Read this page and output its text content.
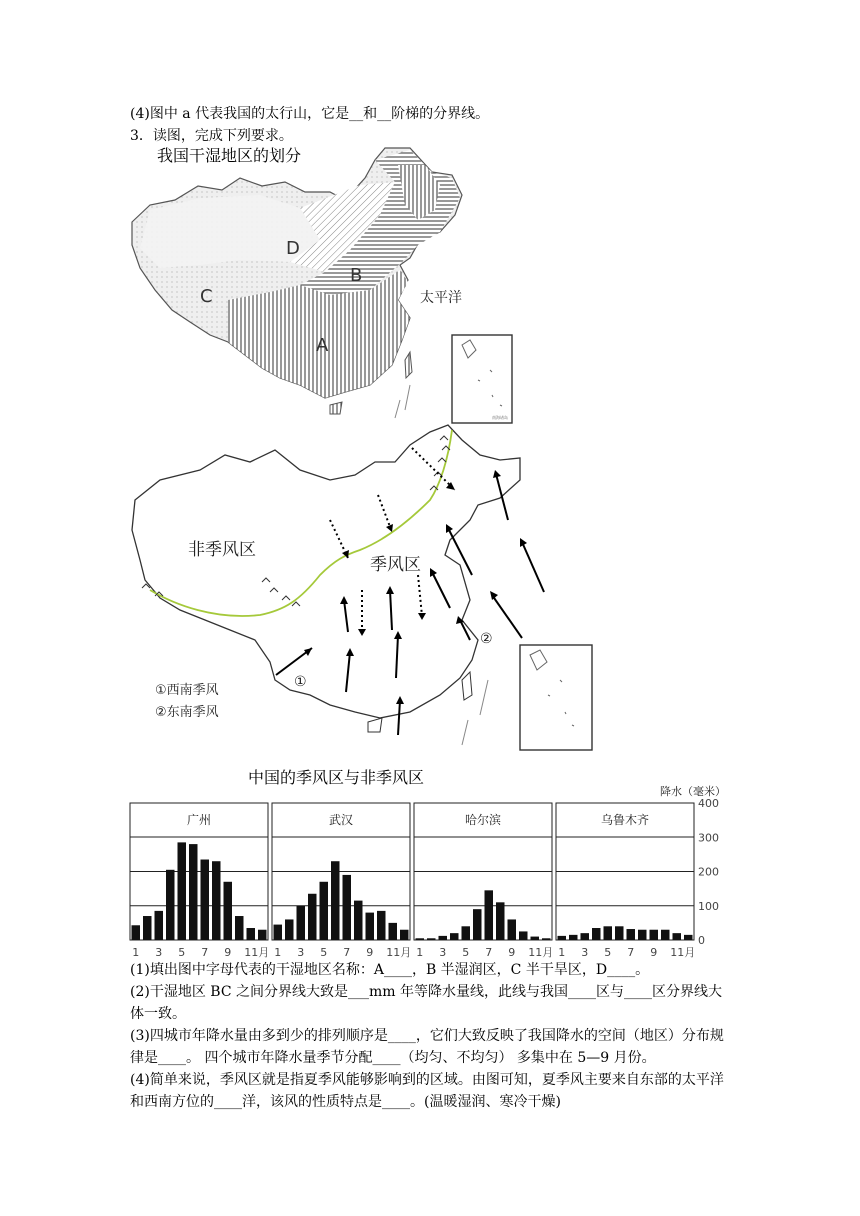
(4)图中 a 代表我国的太行山，它是__和__阶梯的分界线。
3．读图，完成下列要求。
我国干湿地区的划分
南海诸岛
D
B
C
A
太平洋
非季风区
季风区
①
②
①西南季风
②东南季风
中国的季风区与非季风区
降水（毫米）
400
300
200
100
0
广州
1 3 5 7 9 11月
武汉
1 3 5 7 9 11月
哈尔滨
1 3 5 7 9 11月
乌鲁木齐
1 3 5 7 9 11月
(1)填出图中字母代表的干湿地区名称：A____，B 半湿润区，C 半干旱区，D____。
(2)干湿地区 BC 之间分界线大致是___mm 年等降水量线，此线与我国____区与____区分界线大体一致。
(3)四城市年降水量由多到少的排列顺序是____，它们大致反映了我国降水的空间（地区）分布规律是____。 四个城市年降水量季节分配____（均匀、不均匀） 多集中在 5—9 月份。
(4)简单来说，季风区就是指夏季风能够影响到的区域。由图可知，夏季风主要来自东部的太平洋和西南方位的____洋，该风的性质特点是____。(温暖湿润、寒冷干燥)
